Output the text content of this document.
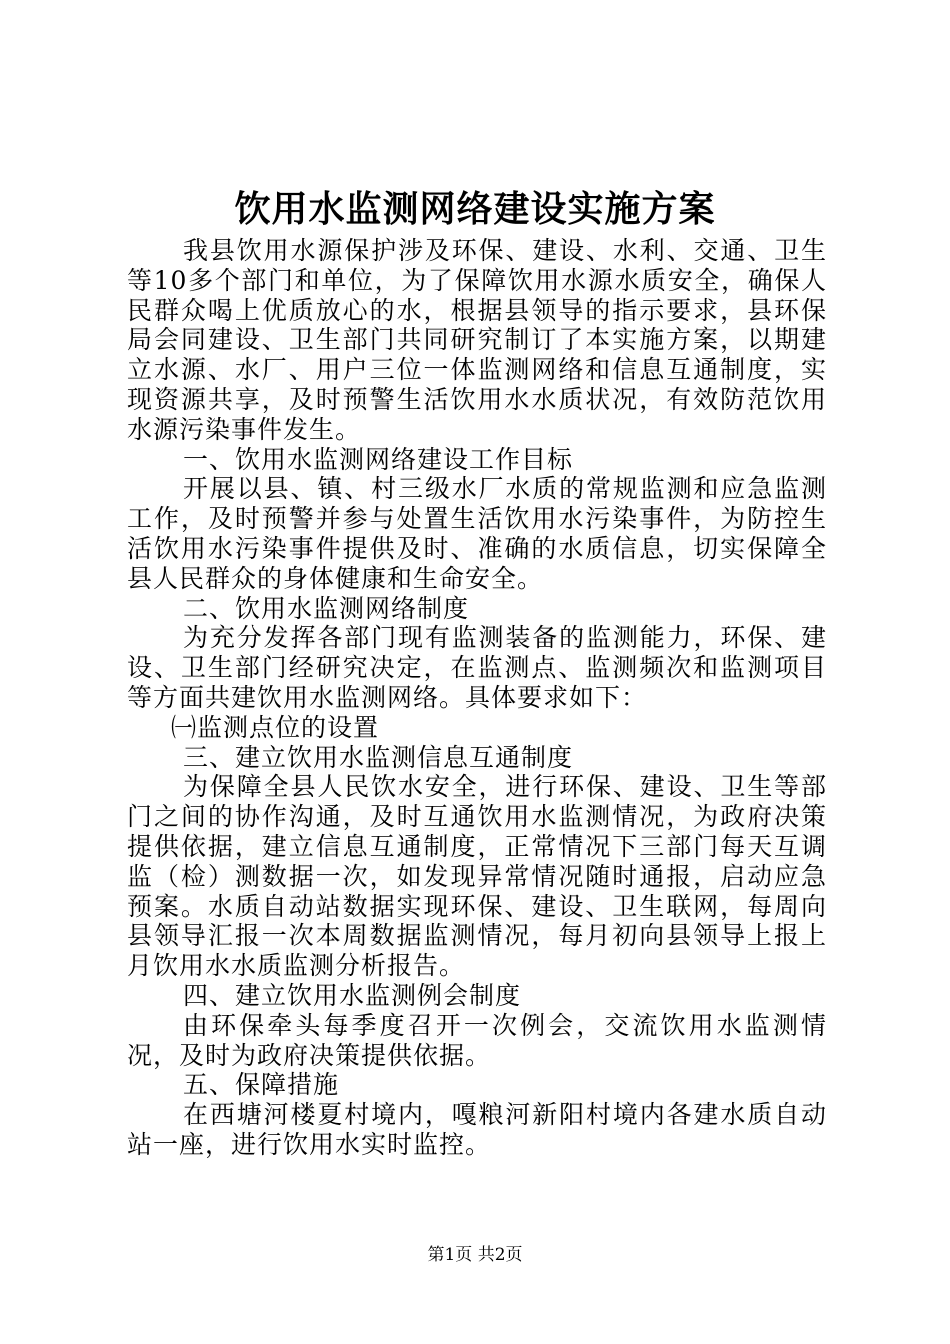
饮用水监测网络建设实施方案

我县饮用水源保护涉及环保、建设、水利、交通、卫生等10多个部门和单位，为了保障饮用水源水质安全，确保人民群众喝上优质放心的水，根据县领导的指示要求，县环保局会同建设、卫生部门共同研究制订了本实施方案，以期建立水源、水厂、用户三位一体监测网络和信息互通制度，实现资源共享，及时预警生活饮用水水质状况，有效防范饮用水源污染事件发生。

一、饮用水监测网络建设工作目标

开展以县、镇、村三级水厂水质的常规监测和应急监测工作，及时预警并参与处置生活饮用水污染事件，为防控生活饮用水污染事件提供及时、准确的水质信息，切实保障全县人民群众的身体健康和生命安全。

二、饮用水监测网络制度

为充分发挥各部门现有监测装备的监测能力，环保、建设、卫生部门经研究决定，在监测点、监测频次和监测项目等方面共建饮用水监测网络。具体要求如下：

㈠监测点位的设置

三、建立饮用水监测信息互通制度

为保障全县人民饮水安全，进行环保、建设、卫生等部门之间的协作沟通，及时互通饮用水监测情况，为政府决策提供依据，建立信息互通制度，正常情况下三部门每天互调监（检）测数据一次，如发现异常情况随时通报，启动应急预案。水质自动站数据实现环保、建设、卫生联网，每周向县领导汇报一次本周数据监测情况，每月初向县领导上报上月饮用水水质监测分析报告。

四、建立饮用水监测例会制度

由环保牵头每季度召开一次例会，交流饮用水监测情况，及时为政府决策提供依据。

五、保障措施

在西塘河楼夏村境内，嘎粮河新阳村境内各建水质自动站一座，进行饮用水实时监控。

第1页 共2页
